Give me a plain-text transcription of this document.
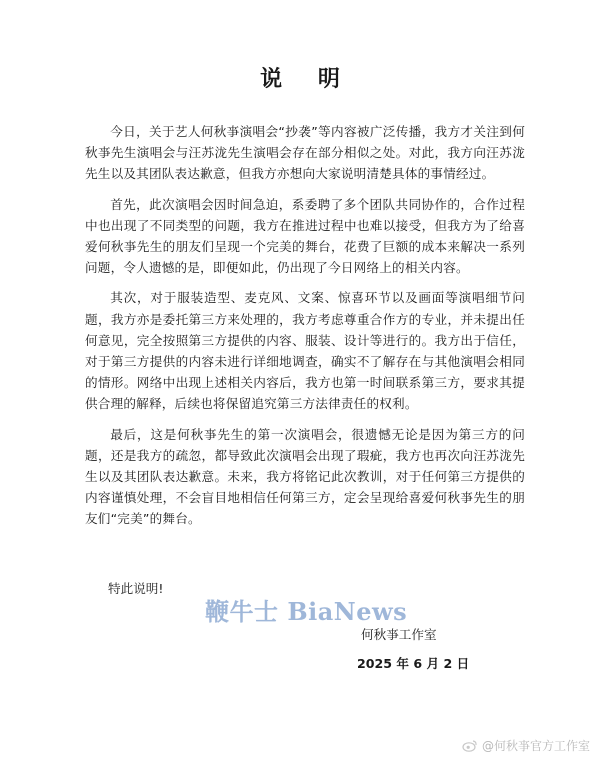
说 明

今日，关于艺人何秋亊演唱会“抄袭”等内容被广泛传播，我方才关注到何秋亊先生演唱会与汪苏泷先生演唱会存在部分相似之处。对此，我方向汪苏泷先生以及其团队表达歉意，但我方亦想向大家说明清楚具体的事情经过。

首先，此次演唱会因时间急迫，系委聘了多个团队共同协作的，合作过程中也出现了不同类型的问题，我方在推进过程中也难以接受，但我方为了给喜爱何秋亊先生的朋友们呈现一个完美的舞台，花费了巨额的成本来解决一系列问题，令人遗憾的是，即便如此，仍出现了今日网络上的相关内容。

其次，对于服装造型、麦克风、文案、惊喜环节以及画面等演唱细节问题，我方亦是委托第三方来处理的，我方考虑尊重合作方的专业，并未提出任何意见，完全按照第三方提供的内容、服装、设计等进行的。我方出于信任，对于第三方提供的内容未进行详细地调查，确实不了解存在与其他演唱会相同的情形。网络中出现上述相关内容后，我方也第一时间联系第三方，要求其提供合理的解释，后续也将保留追究第三方法律责任的权利。

最后，这是何秋亊先生的第一次演唱会，很遗憾无论是因为第三方的问题，还是我方的疏忽，都导致此次演唱会出现了瑕疵，我方也再次向汪苏泷先生以及其团队表达歉意。未来，我方将铭记此次教训，对于任何第三方提供的内容谨慎处理，不会盲目地相信任何第三方，定会呈现给喜爱何秋亊先生的朋友们“完美”的舞台。

特此说明!
鞭牛士 BiaNews
何秋亊工作室
2025 年 6 月 2 日
@何秋亊官方工作室
